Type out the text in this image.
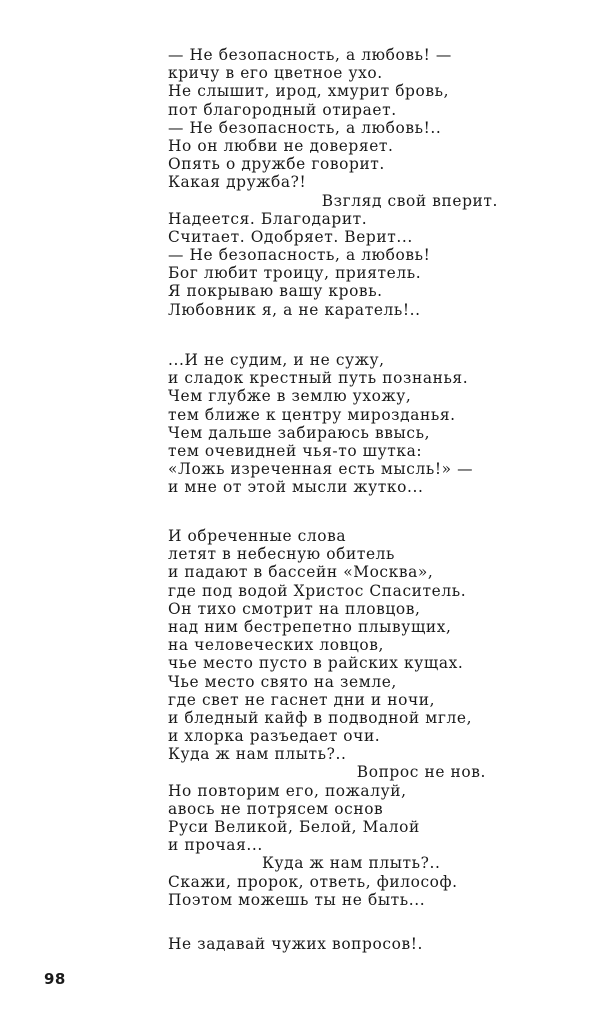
— Не безопасность, а любовь! —
кричу в его цветное ухо.
Не слышит, ирод, хмурит бровь,
пот благородный отирает.
— Не безопасность, а любовь!..
Но он любви не доверяет.
Опять о дружбе говорит.
Какая дружба?!
Взгляд свой вперит.
Надеется. Благодарит.
Считает. Одобряет. Верит...
— Не безопасность, а любовь!
Бог любит троицу, приятель.
Я покрываю вашу кровь.
Любовник я, а не каратель!..
...И не судим, и не сужу,
и сладок крестный путь познанья.
Чем глубже в землю ухожу,
тем ближе к центру мирозданья.
Чем дальше забираюсь ввысь,
тем очевидней чья-то шутка:
«Ложь изреченная есть мысль!» —
и мне от этой мысли жутко...
И обреченные слова
летят в небесную обитель
и падают в бассейн «Москва»,
где под водой Христос Спаситель.
Он тихо смотрит на пловцов,
над ним бестрепетно плывущих,
на человеческих ловцов,
чье место пусто в райских кущах.
Чье место свято на земле,
где свет не гаснет дни и ночи,
и бледный кайф в подводной мгле,
и хлорка разъедает очи.
Куда ж нам плыть?..
Вопрос не нов.
Но повторим его, пожалуй,
авось не потрясем основ
Руси Великой, Белой, Малой
и прочая...
Куда ж нам плыть?..
Скажи, пророк, ответь, философ.
Поэтом можешь ты не быть...
Не задавай чужих вопросов!.
98
